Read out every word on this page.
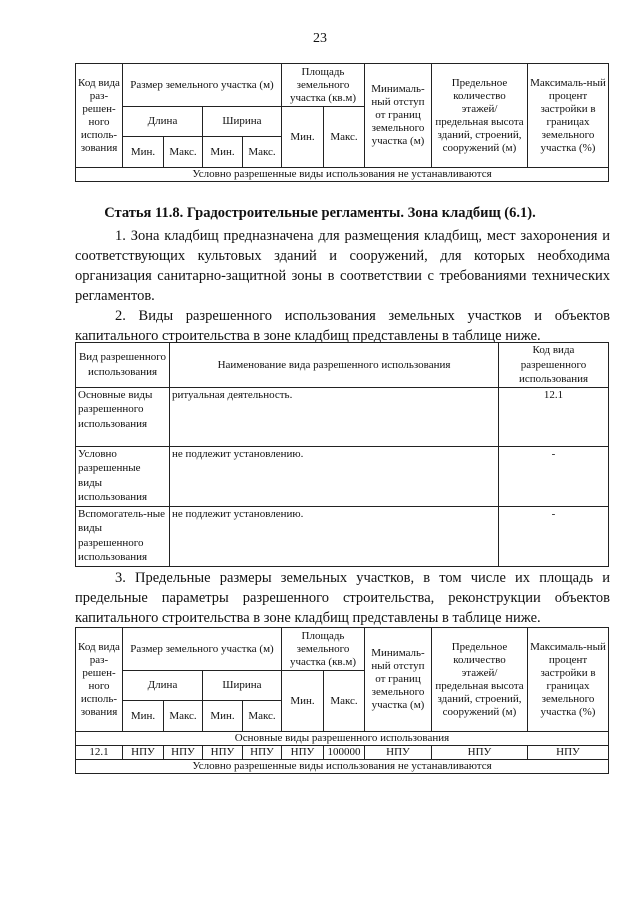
23
Код вида раз-решен-ного исполь-зования	Размер земельного участка (м)				Площадь земельного участка (кв.м)		Минималь-ный отступ от границ земельного участка (м)	Предельное количество этажей/ предельная высота зданий, строений, сооружений (м)	Максималь-ный процент застройки в границах земельного участка (%)
	Длина		Ширина		Мин.	Макс.			
	Мин.	Макс.	Мин.	Макс.					
Условно разрешенные виды использования не устанавливаются									
Статья 11.8. Градостроительные регламенты. Зона кладбищ (6.1).

1. Зона кладбищ предназначена для размещения кладбищ, мест захоронения и соответствующих культовых зданий и сооружений, для которых необходима организация санитарно-защитной зоны в соответствии с требованиями технических регламентов.

2. Виды разрешенного использования земельных участков и объектов капитального строительства в зоне кладбищ представлены в таблице ниже.

Вид разрешенного использования	Наименование вида разрешенного использования	Код вида разрешенного использования
Основные виды разрешенного использования	ритуальная деятельность.	12.1
Условно разрешенные виды использования	не подлежит установлению.	-
Вспомогатель-ные виды разрешенного использования	не подлежит установлению.	-

3. Предельные размеры земельных участков, в том числе их площадь и предельные параметры разрешенного строительства, реконструкции объектов капитального строительства в зоне кладбищ представлены в таблице ниже.

Код вида раз-решен-ного исполь-зования	Размер земельного участка (м)				Площадь земельного участка (кв.м)		Минималь-ный отступ от границ земельного участка (м)	Предельное количество этажей/ предельная высота зданий, строений, сооружений (м)	Максималь-ный процент застройки в границах земельного участка (%)
	Длина		Ширина		Мин.	Макс.			
	Мин.	Макс.	Мин.	Макс.					
Основные виды разрешенного использования									
12.1	НПУ	НПУ	НПУ	НПУ	НПУ	100000	НПУ	НПУ	НПУ
Условно разрешенные виды использования не устанавливаются									
